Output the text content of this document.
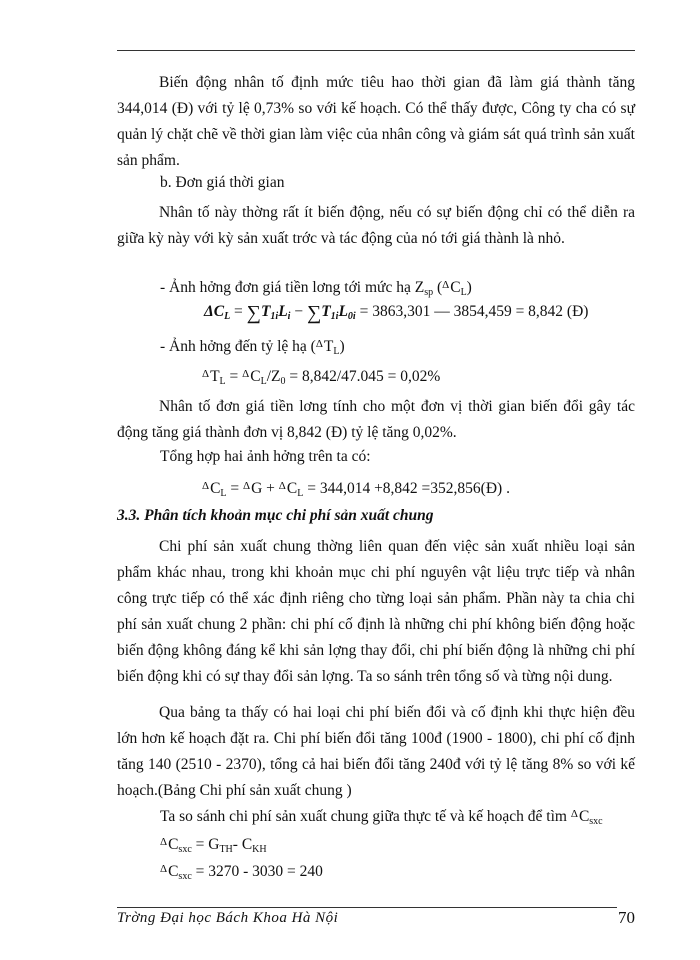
Biến động nhân tố định mức tiêu hao thời gian đã làm giá thành tăng 344,014 (Đ) với tỷ lệ 0,73% so với kế hoạch. Có thể thấy được, Công ty cha có sự quản lý chặt chẽ về thời gian làm việc của nhân công và giám sát quá trình sản xuất sản phẩm.

b. Đơn giá thời gian

Nhân tố này thờng rất ít biến động, nếu có sự biến động chỉ có thể diễn ra giữa kỳ này với kỳ sản xuất trớc và tác động của nó tới giá thành là nhỏ.

- Ảnh hởng đơn giá tiền lơng tới mức hạ $Z_{sp}$ $(^\Delta C_L)$
$\Delta C_L = \sum T_{1i}L_i - \sum T_{1i}L_{0i} = 3863,301$ — 3854,459 = 8,842 (Đ)
- Ảnh hởng đến tỷ lệ hạ $(^\Delta T_L)$
$^\Delta T_L = ^\Delta C_L/Z_0 = 8,842/47.045 = 0,02\%$

Nhân tố đơn giá tiền lơng tính cho một đơn vị thời gian biến đổi gây tác động tăng giá thành đơn vị 8,842 (Đ) tỷ lệ tăng 0,02%.

Tổng hợp hai ảnh hởng trên ta có:
$^\Delta C_L = ^\Delta G + ^\Delta C_L = 344,014 +8,842$ =352,856(Đ) .
3.3. Phân tích khoản mục chi phí sản xuất chung

Chi phí sản xuất chung thờng liên quan đến việc sản xuất nhiều loại sản phẩm khác nhau, trong khi khoản mục chi phí nguyên vật liệu trực tiếp và nhân công trực tiếp có thể xác định riêng cho từng loại sản phẩm. Phần này ta chia chi phí sản xuất chung 2 phần: chi phí cố định là những chi phí không biến động hoặc biến động không đáng kể khi sản lợng thay đổi, chi phí biến động là những chi phí biến động khi có sự thay đổi sản lợng. Ta so sánh trên tổng số và từng nội dung.

Qua bảng ta thấy có hai loại chi phí biến đổi và cố định khi thực hiện đều lớn hơn kế hoạch đặt ra. Chi phí biến đổi tăng 100đ (1900 - 1800), chi phí cố định tăng 140 (2510 - 2370), tổng cả hai biến đổi tăng 240đ với tỷ lệ tăng 8% so với kế hoạch.(Bảng Chi phí sản xuất chung )

Ta so sánh chi phí sản xuất chung giữa thực tế và kế hoạch để tìm $^\Delta C_{sxc}$
$^\Delta C_{sxc} = G_{TH}-$ $C_{KH}$
$^\Delta C_{sxc} = 3270 - 3030 = 240$
Trờng Đại học Bách Khoa Hà Nội	70
